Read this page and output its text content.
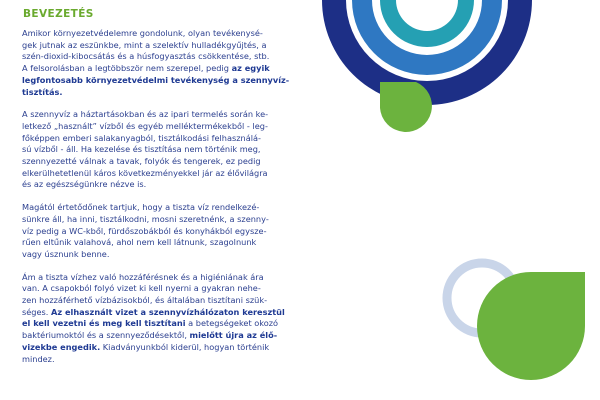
BEVEZETÉS

Amikor környezetvédelemre gondolunk, olyan tevékenysé-
gek jutnak az eszünkbe, mint a szelektív hulladékgyűjtés, a
szén-dioxid-kibocsátás és a húsfogyasztás csökkentése, stb.
A felsorolásban a legtöbbször nem szerepel, pedig az egyik
legfontosabb környezetvédelmi tevékenység a szennyvíz-
tisztítás.

A szennyvíz a háztartásokban és az ipari termelés során ke-
letkező „használt” vízből és egyéb melléktermékekből - leg-
főképpen emberi salakanyagból, tisztálkodási felhasználá-
sú vízből - áll. Ha kezelése és tisztítása nem történik meg,
szennyezetté válnak a tavak, folyók és tengerek, ez pedig
elkerülhetetlenül káros következményekkel jár az élővilágra
és az egészségünkre nézve is.

Magától értetődőnek tartjuk, hogy a tiszta víz rendelkezé-
sünkre áll, ha inni, tisztálkodni, mosni szeretnénk, a szenny-
víz pedig a WC-kből, fürdőszobákból és konyhákból egysze-
rűen eltűnik valahová, ahol nem kell látnunk, szagolnunk
vagy úsznunk benne.

Ám a tiszta vízhez való hozzáférésnek és a higiéniának ára
van. A csapokból folyó vizet ki kell nyerni a gyakran nehe-
zen hozzáférhető vízbázisokból, és általában tisztítani szük-
séges. Az elhasznált vizet a szennyvízhálózaton keresztül
el kell vezetni és meg kell tisztítani a betegségeket okozó
baktériumoktól és a szennyeződésektől, mielőtt újra az élő-
vizekbe engedik. Kiadványunkból kiderül, hogyan történik
mindez.
